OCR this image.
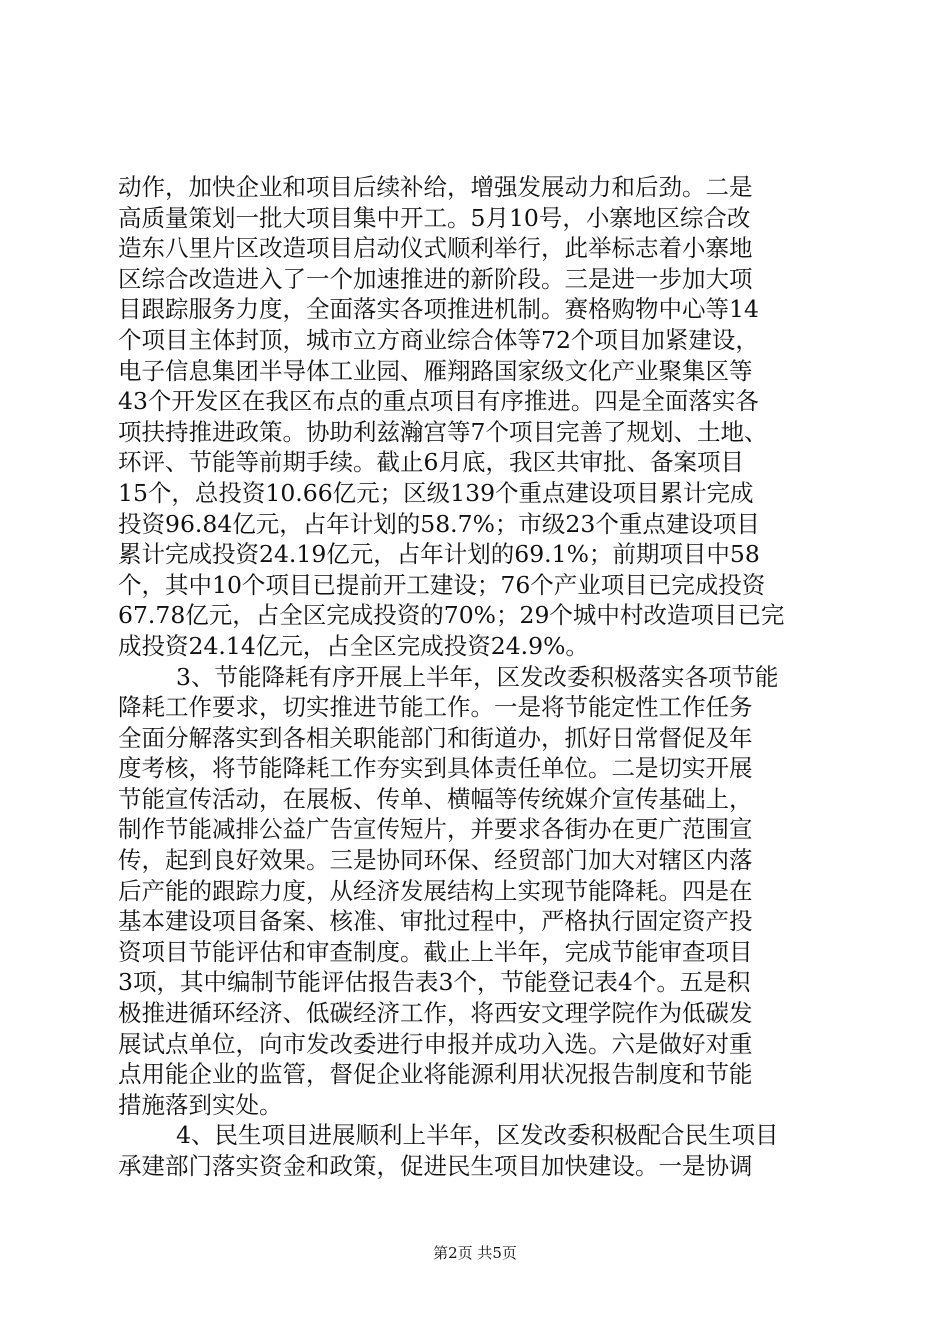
动作，加快企业和项目后续补给，增强发展动力和后劲。二是
高质量策划一批大项目集中开工。5月10号，小寨地区综合改
造东八里片区改造项目启动仪式顺利举行，此举标志着小寨地
区综合改造进入了一个加速推进的新阶段。三是进一步加大项
目跟踪服务力度，全面落实各项推进机制。赛格购物中心等14
个项目主体封顶，城市立方商业综合体等72个项目加紧建设，
电子信息集团半导体工业园、雁翔路国家级文化产业聚集区等
43个开发区在我区布点的重点项目有序推进。四是全面落实各
项扶持推进政策。协助利兹瀚宫等7个项目完善了规划、土地、
环评、节能等前期手续。截止6月底，我区共审批、备案项目
15个，总投资10.66亿元；区级139个重点建设项目累计完成
投资96.84亿元，占年计划的58.7%；市级23个重点建设项目
累计完成投资24.19亿元，占年计划的69.1%；前期项目中58
个，其中10个项目已提前开工建设；76个产业项目已完成投资
67.78亿元，占全区完成投资的70%；29个城中村改造项目已完
成投资24.14亿元，占全区完成投资24.9%。
3、节能降耗有序开展上半年，区发改委积极落实各项节能
降耗工作要求，切实推进节能工作。一是将节能定性工作任务
全面分解落实到各相关职能部门和街道办，抓好日常督促及年
度考核，将节能降耗工作夯实到具体责任单位。二是切实开展
节能宣传活动，在展板、传单、横幅等传统媒介宣传基础上，
制作节能减排公益广告宣传短片，并要求各街办在更广范围宣
传，起到良好效果。三是协同环保、经贸部门加大对辖区内落
后产能的跟踪力度，从经济发展结构上实现节能降耗。四是在
基本建设项目备案、核准、审批过程中，严格执行固定资产投
资项目节能评估和审查制度。截止上半年，完成节能审查项目
3项，其中编制节能评估报告表3个，节能登记表4个。五是积
极推进循环经济、低碳经济工作，将西安文理学院作为低碳发
展试点单位，向市发改委进行申报并成功入选。六是做好对重
点用能企业的监管，督促企业将能源利用状况报告制度和节能
措施落到实处。
4、民生项目进展顺利上半年，区发改委积极配合民生项目
承建部门落实资金和政策，促进民生项目加快建设。一是协调
第2页 共5页
